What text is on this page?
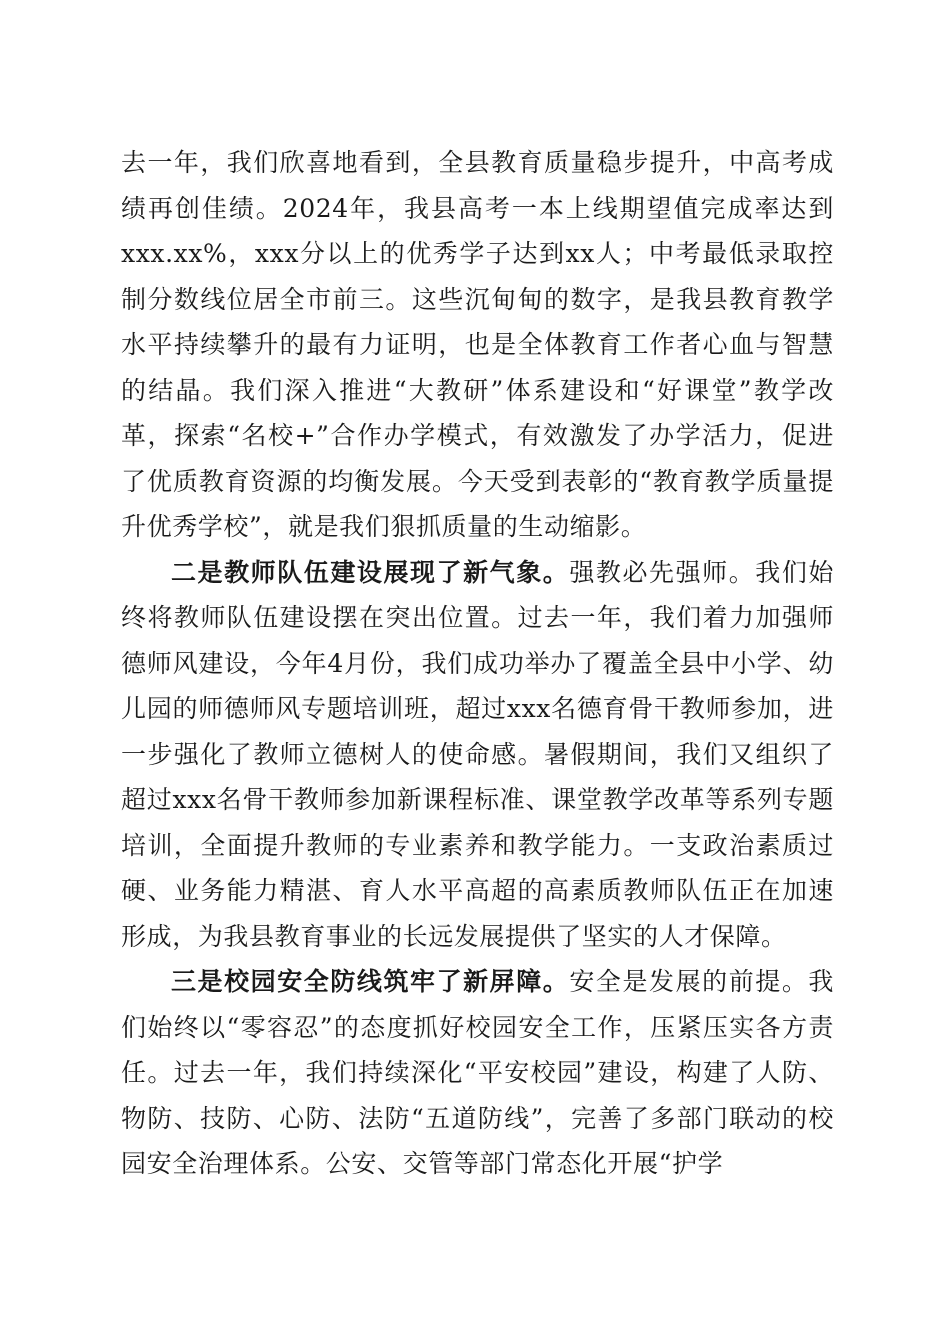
去一年，我们欣喜地看到，全县教育质量稳步提升，中高考成绩再创佳绩。2024年，我县高考一本上线期望值完成率达到xxx.xx%，xxx分以上的优秀学子达到xx人；中考最低录取控制分数线位居全市前三。这些沉甸甸的数字，是我县教育教学水平持续攀升的最有力证明，也是全体教育工作者心血与智慧的结晶。我们深入推进“大教研”体系建设和“好课堂”教学改革，探索“名校+”合作办学模式，有效激发了办学活力，促进了优质教育资源的均衡发展。今天受到表彰的“教育教学质量提升优秀学校”，就是我们狠抓质量的生动缩影。

二是教师队伍建设展现了新气象。强教必先强师。我们始终将教师队伍建设摆在突出位置。过去一年，我们着力加强师德师风建设，今年4月份，我们成功举办了覆盖全县中小学、幼儿园的师德师风专题培训班，超过xxx名德育骨干教师参加，进一步强化了教师立德树人的使命感。暑假期间，我们又组织了超过xxx名骨干教师参加新课程标准、课堂教学改革等系列专题培训，全面提升教师的专业素养和教学能力。一支政治素质过硬、业务能力精湛、育人水平高超的高素质教师队伍正在加速形成，为我县教育事业的长远发展提供了坚实的人才保障。

三是校园安全防线筑牢了新屏障。安全是发展的前提。我们始终以“零容忍”的态度抓好校园安全工作，压紧压实各方责任。过去一年，我们持续深化“平安校园”建设，构建了人防、物防、技防、心防、法防“五道防线”，完善了多部门联动的校园安全治理体系。公安、交管等部门常态化开展“护学
